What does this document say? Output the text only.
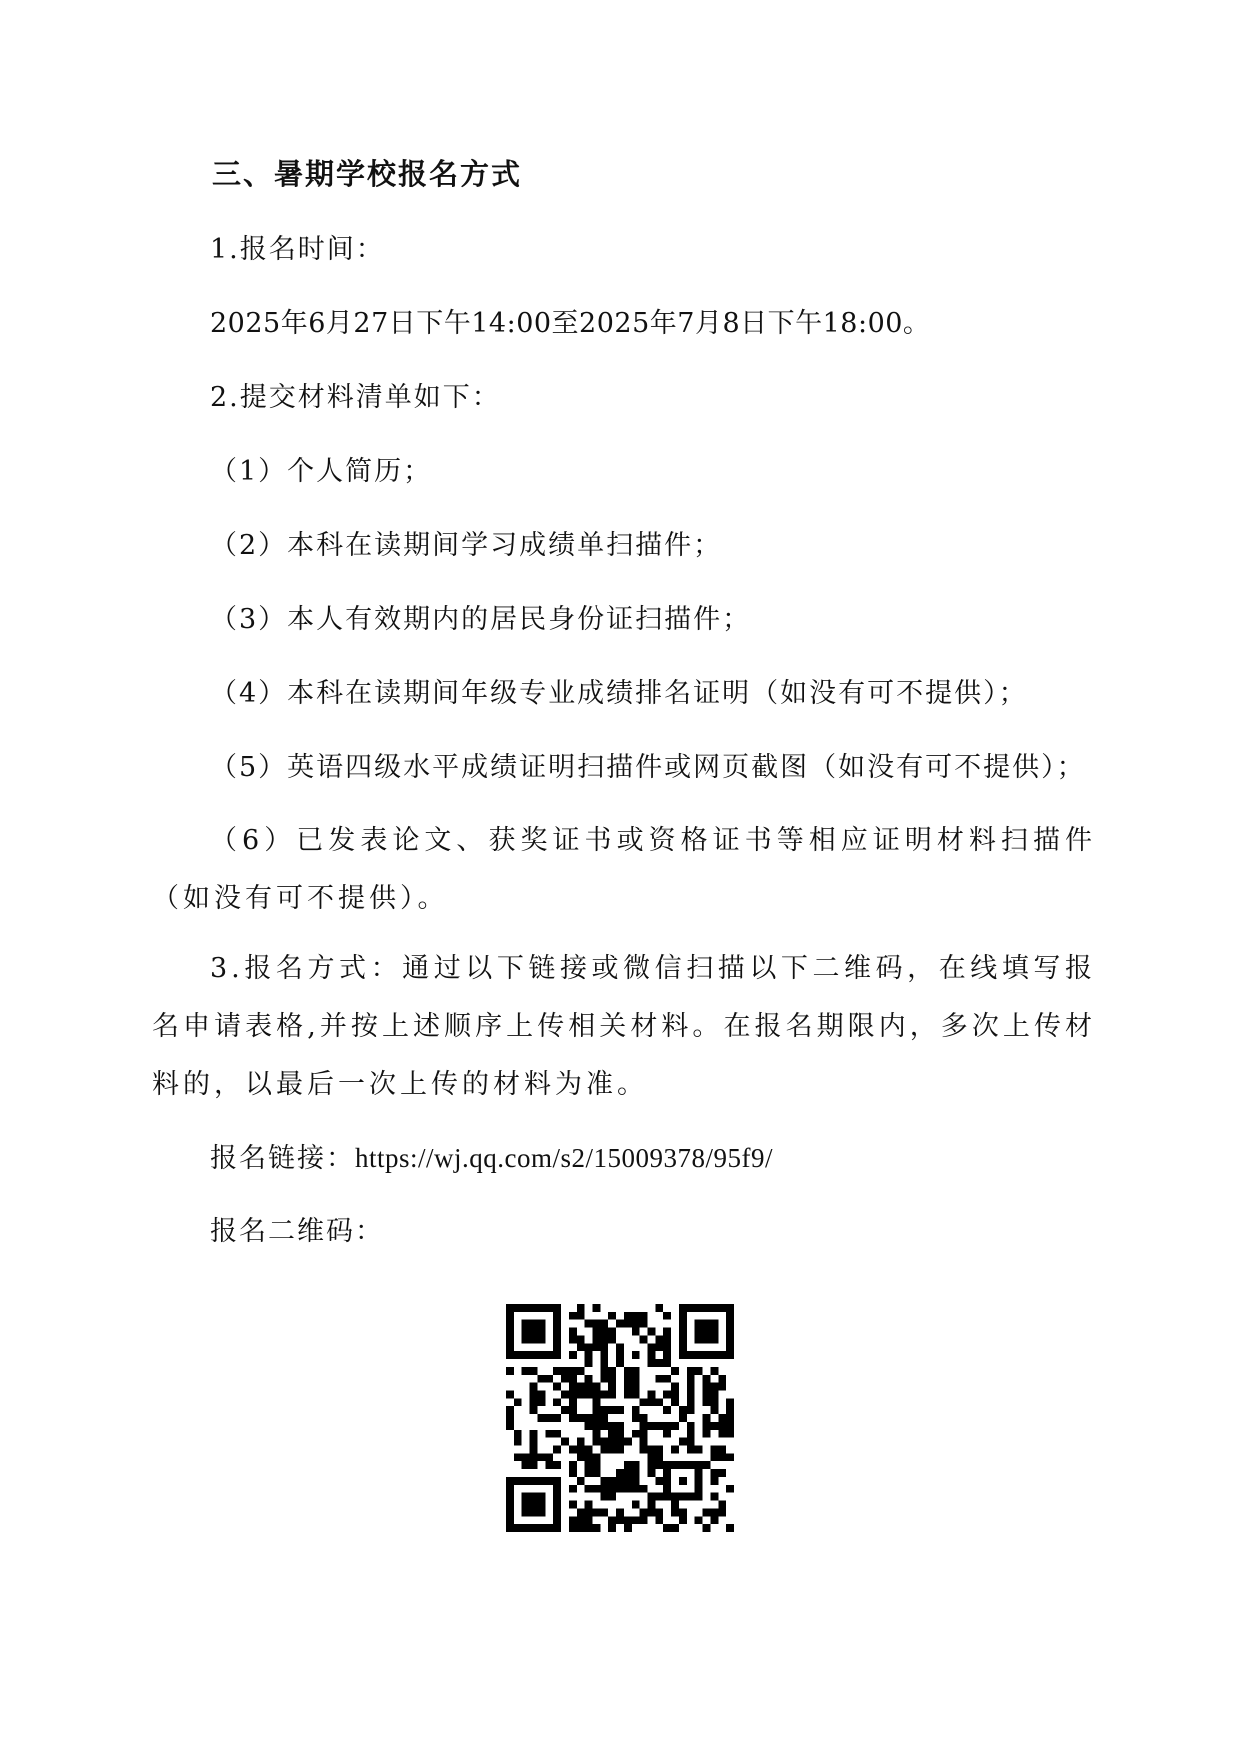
三、暑期学校报名方式
1.报名时间：
2025年6月27日下午14:00至2025年7月8日下午18:00。
2.提交材料清单如下：
（1）个人简历；
（2）本科在读期间学习成绩单扫描件；
（3）本人有效期内的居民身份证扫描件；
（4）本科在读期间年级专业成绩排名证明（如没有可不提供）；
（5）英语四级水平成绩证明扫描件或网页截图（如没有可不提供）；
（6）已发表论文、获奖证书或资格证书等相应证明材料扫描件（如没有可不提供）。
3.报名方式：通过以下链接或微信扫描以下二维码，在线填写报名申请表格,并按上述顺序上传相关材料。在报名期限内，多次上传材料的，以最后一次上传的材料为准。
报名链接：https://wj.qq.com/s2/15009378/95f9/
报名二维码：
